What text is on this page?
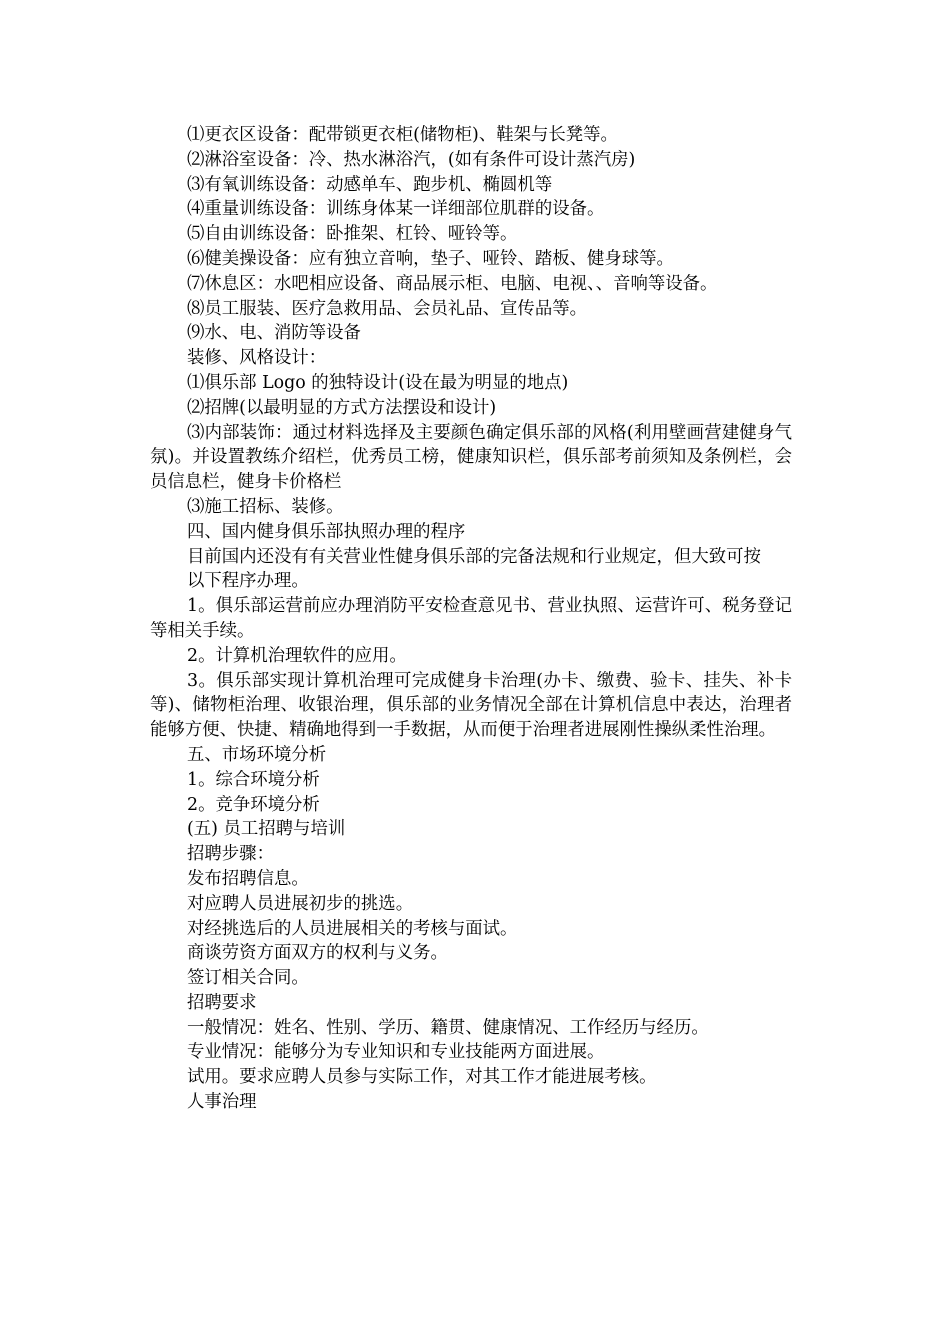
⑴更衣区设备：配带锁更衣柜(储物柜)、鞋架与长凳等。

⑵淋浴室设备：冷、热水淋浴汽，(如有条件可设计蒸汽房)

⑶有氧训练设备：动感单车、跑步机、椭圆机等

⑷重量训练设备：训练身体某一详细部位肌群的设备。

⑸自由训练设备：卧推架、杠铃、哑铃等。

⑹健美操设备：应有独立音响，垫子、哑铃、踏板、健身球等。

⑺休息区：水吧相应设备、商品展示柜、电脑、电视、、音响等设备。

⑻员工服装、医疗急救用品、会员礼品、宣传品等。

⑼水、电、消防等设备

装修、风格设计：

⑴俱乐部 Logo 的独特设计(设在最为明显的地点)

⑵招牌(以最明显的方式方法摆设和设计)

⑶内部装饰：通过材料选择及主要颜色确定俱乐部的风格(利用壁画营建健身气氛)。并设置教练介绍栏，优秀员工榜，健康知识栏，俱乐部考前须知及条例栏，会员信息栏，健身卡价格栏

⑶施工招标、装修。

四、国内健身俱乐部执照办理的程序

目前国内还没有有关营业性健身俱乐部的完备法规和行业规定，但大致可按

以下程序办理。

1。俱乐部运营前应办理消防平安检查意见书、营业执照、运营许可、税务登记等相关手续。

2。计算机治理软件的应用。

3。俱乐部实现计算机治理可完成健身卡治理(办卡、缴费、验卡、挂失、补卡等)、储物柜治理、收银治理，俱乐部的业务情况全部在计算机信息中表达，治理者能够方便、快捷、精确地得到一手数据，从而便于治理者进展刚性操纵柔性治理。

五、市场环境分析

1。综合环境分析

2。竞争环境分析

(五) 员工招聘与培训

招聘步骤：

发布招聘信息。

对应聘人员进展初步的挑选。

对经挑选后的人员进展相关的考核与面试。

商谈劳资方面双方的权利与义务。

签订相关合同。

招聘要求

一般情况：姓名、性别、学历、籍贯、健康情况、工作经历与经历。

专业情况：能够分为专业知识和专业技能两方面进展。

试用。要求应聘人员参与实际工作，对其工作才能进展考核。

人事治理
